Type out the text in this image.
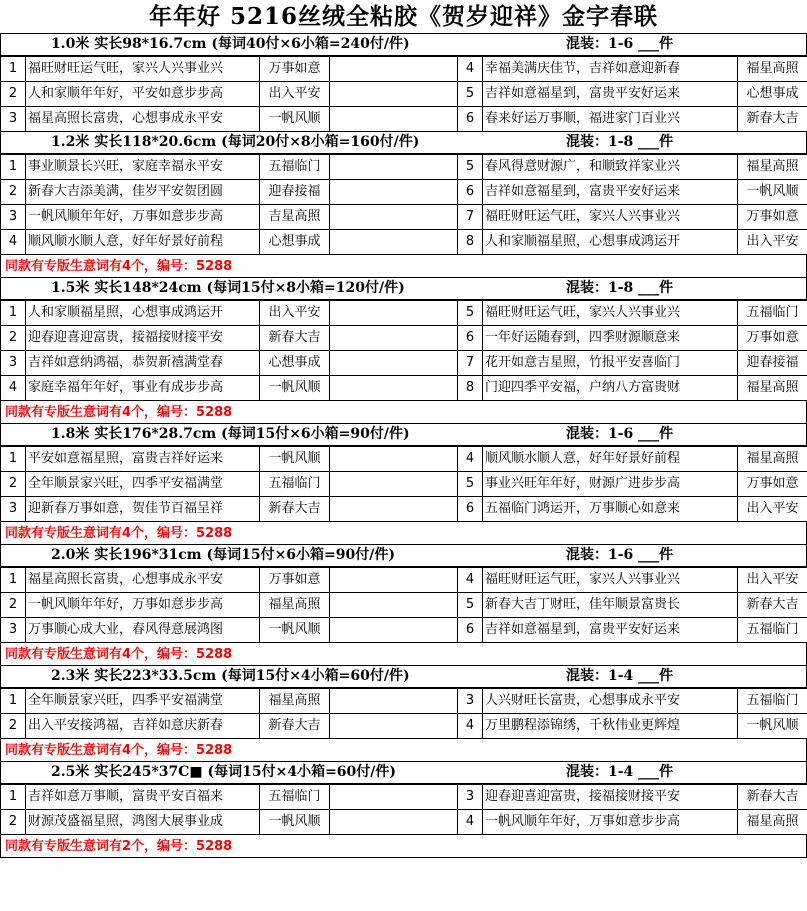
年年好 5216丝绒全粘胶《贺岁迎祥》金字春联
1.0米 实长98*16.7cm (每词40付×6小箱=240付/件)	混装：1-6 ___件
1	福旺财旺运气旺，家兴人兴事业兴	万事如意		4	幸福美满庆佳节，吉祥如意迎新春	福星高照
2	人和家顺年年好，平安如意步步高	出入平安		5	吉祥如意福星到，富贵平安好运来	心想事成
3	福星高照长富贵，心想事成永平安	一帆风顺		6	春来好运万事顺，福进家门百业兴	新春大吉
1.2米 实长118*20.6cm (每词20付×8小箱=160付/件)	混装：1-8 ___件
1	事业顺景长兴旺，家庭幸福永平安	五福临门		5	春风得意财源广，和顺致祥家业兴	福星高照
2	新春大吉添美满，佳岁平安贺团圆	迎春接福		6	吉祥如意福星到，富贵平安好运来	一帆风顺
3	一帆风顺年年好，万事如意步步高	吉星高照		7	福旺财旺运气旺，家兴人兴事业兴	万事如意
4	顺风顺水顺人意，好年好景好前程	心想事成		8	人和家顺福星照，心想事成鸿运开	出入平安
同款有专版生意词有4个，编号：5288
1.5米 实长148*24cm (每词15付×8小箱=120付/件)	混装：1-8 ___件
1	人和家顺福星照，心想事成鸿运开	出入平安		5	福旺财旺运气旺，家兴人兴事业兴	五福临门
2	迎春迎喜迎富贵，接福接财接平安	新春大吉		6	一年好运随春到，四季财源顺意来	万事如意
3	吉祥如意纳鸿福，恭贺新禧满堂春	心想事成		7	花开如意吉星照，竹报平安喜临门	迎春接福
4	家庭幸福年年好，事业有成步步高	一帆风顺		8	门迎四季平安福，户纳八方富贵财	福星高照
同款有专版生意词有4个，编号：5288
1.8米 实长176*28.7cm (每词15付×6小箱=90付/件)	混装：1-6 ___件
1	平安如意福星照，富贵吉祥好运来	一帆风顺		4	顺风顺水顺人意，好年好景好前程	福星高照
2	全年顺景家兴旺，四季平安福满堂	五福临门		5	事业兴旺年年好，财源广进步步高	万事如意
3	迎新春万事如意，贺佳节百福呈祥	新春大吉		6	五福临门鸿运开，万事顺心如意来	出入平安
同款有专版生意词有4个，编号：5288
2.0米 实长196*31cm (每词15付×6小箱=90付/件)	混装：1-6 ___件
1	福星高照长富贵，心想事成永平安	万事如意		4	福旺财旺运气旺，家兴人兴事业兴	出入平安
2	一帆风顺年年好，万事如意步步高	福星高照		5	新春大吉丁财旺，佳年顺景富贵长	新春大吉
3	万事顺心成大业，春风得意展鸿图	一帆风顺		6	吉祥如意福星到，富贵平安好运来	五福临门
同款有专版生意词有4个，编号：5288
2.3米 实长223*33.5cm (每词15付×4小箱=60付/件)	混装：1-4 ___件
1	全年顺景家兴旺，四季平安福满堂	福星高照		3	人兴财旺长富贵，心想事成永平安	五福临门
2	出入平安接鸿福，吉祥如意庆新春	新春大吉		4	万里鹏程添锦绣，千秋伟业更辉煌	一帆风顺
同款有专版生意词有4个，编号：5288
2.5米 实长245*37C■ (每词15付×4小箱=60付/件)	混装：1-4 ___件
1	吉祥如意万事顺，富贵平安百福来	五福临门		3	迎春迎喜迎富贵，接福接财接平安	新春大吉
2	财源茂盛福星照，鸿图大展事业成	一帆风顺		4	一帆风顺年年好，万事如意步步高	福星高照
同款有专版生意词有2个，编号：5288
